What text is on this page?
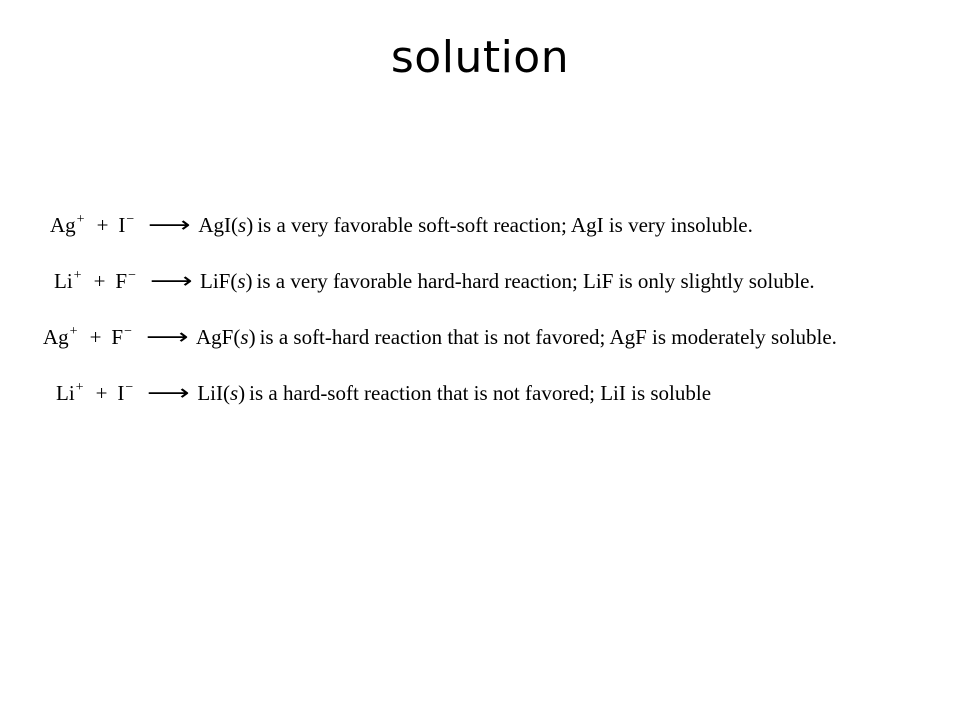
solution
Ag+ + I− ⟶ AgI(s) is a very favorable soft-soft reaction; AgI is very insoluble.
Li+ + F− ⟶ LiF(s) is a very favorable hard-hard reaction; LiF is only slightly soluble.
Ag+ + F− ⟶ AgF(s) is a soft-hard reaction that is not favored; AgF is moderately soluble.
Li+ + I− ⟶ LiI(s) is a hard-soft reaction that is not favored; LiI is soluble
